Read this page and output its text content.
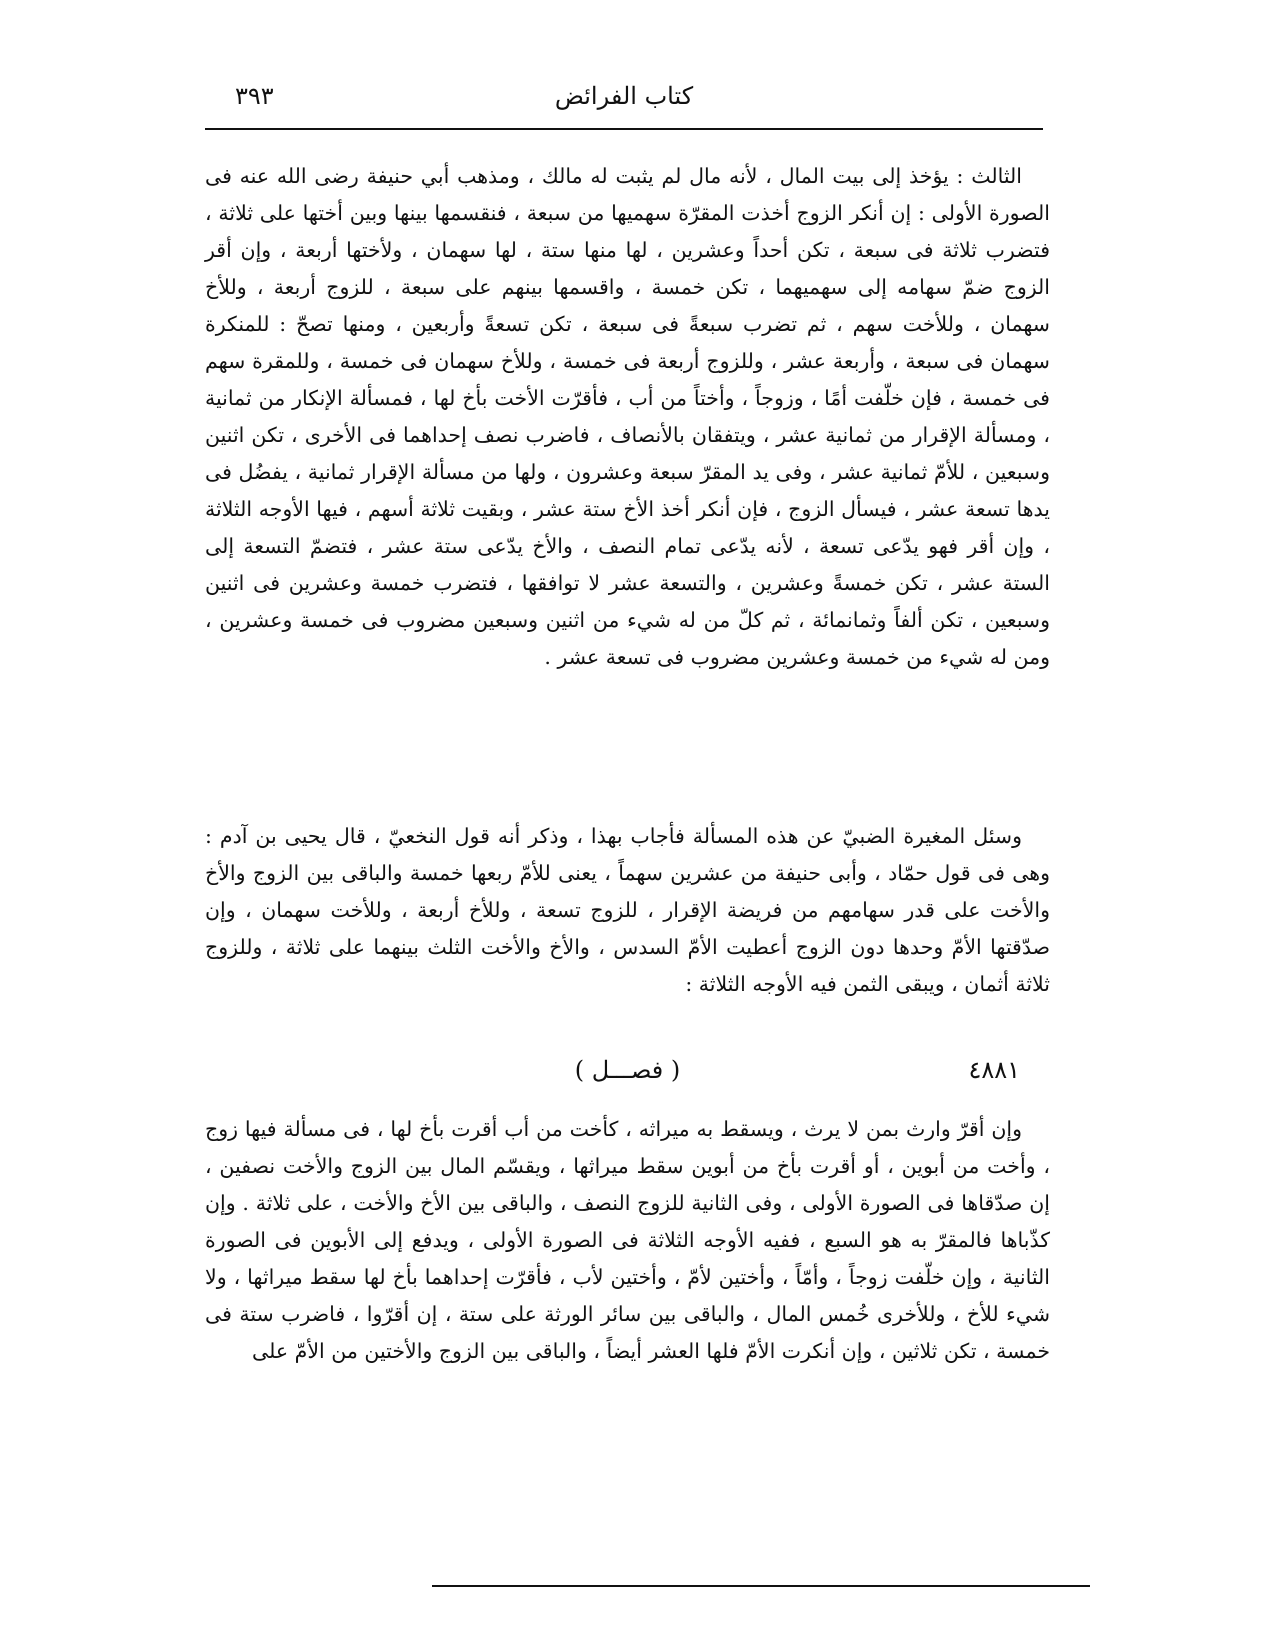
كتاب الفرائض
٣٩٣

الثالث : يؤخذ إلى بيت المال ، لأنه مال لم يثبت له مالك ، ومذهب أبي حنيفة رضى الله عنه فى الصورة الأولى : إن أنكر الزوج أخذت المقرّة سهميها من سبعة ، فنقسمها بينها وبين أختها على ثلاثة ، فتضرب ثلاثة فى سبعة ، تكن أحداً وعشرين ، لها منها ستة ، لها سهمان ، ولأختها أربعة ، وإن أقر الزوج ضمّ سهامه إلى سهميهما ، تكن خمسة ، واقسمها بينهم على سبعة ، للزوج أربعة ، وللأخ سهمان ، وللأخت سهم ، ثم تضرب سبعةً فى سبعة ، تكن تسعةً وأربعين ، ومنها تصحّ : للمنكرة سهمان فى سبعة ، وأربعة عشر ، وللزوج أربعة فى خمسة ، وللأخ سهمان فى خمسة ، وللمقرة سهم فى خمسة ، فإن خلّفت أمًا ، وزوجاً ، وأختاً من أب ، فأقرّت الأخت بأخ لها ، فمسألة الإنكار من ثمانية ، ومسألة الإقرار من ثمانية عشر ، ويتفقان بالأنصاف ، فاضرب نصف إحداهما فى الأخرى ، تكن اثنين وسبعين ، للأمّ ثمانية عشر ، وفى يد المقرّ سبعة وعشرون ، ولها من مسألة الإقرار ثمانية ، يفضُل فى يدها تسعة عشر ، فيسأل الزوج ، فإن أنكر أخذ الأخ ستة عشر ، وبقيت ثلاثة أسهم ، فيها الأوجه الثلاثة ، وإن أقر فهو يدّعى تسعة ، لأنه يدّعى تمام النصف ، والأخ يدّعى ستة عشر ، فتضمّ التسعة إلى الستة عشر ، تكن خمسةً وعشرين ، والتسعة عشر لا توافقها ، فتضرب خمسة وعشرين فى اثنين وسبعين ، تكن ألفاً وثمانمائة ، ثم كلّ من له شيء من اثنين وسبعين مضروب فى خمسة وعشرين ، ومن له شيء من خمسة وعشرين مضروب فى تسعة عشر .

وسئل المغيرة الضبيّ عن هذه المسألة فأجاب بهذا ، وذكر أنه قول النخعيّ ، قال يحيى بن آدم : وهى فى قول حمّاد ، وأبى حنيفة من عشرين سهماً ، يعنى للأمّ ربعها خمسة والباقى بين الزوج والأخ والأخت على قدر سهامهم من فريضة الإقرار ، للزوج تسعة ، وللأخ أربعة ، وللأخت سهمان ، وإن صدّقتها الأمّ وحدها دون الزوج أعطيت الأمّ السدس ، والأخ والأخت الثلث بينهما على ثلاثة ، وللزوج ثلاثة أثمان ، ويبقى الثمن فيه الأوجه الثلاثة :

٤٨٨١
( فصـــل )

وإن أقرّ وارث بمن لا يرث ، ويسقط به ميراثه ، كأخت من أب أقرت بأخ لها ، فى مسألة فيها زوج ، وأخت من أبوين ، أو أقرت بأخ من أبوين سقط ميراثها ، ويقسّم المال بين الزوج والأخت نصفين ، إن صدّقاها فى الصورة الأولى ، وفى الثانية للزوج النصف ، والباقى بين الأخ والأخت ، على ثلاثة . وإن كذّباها فالمقرّ به هو السبع ، ففيه الأوجه الثلاثة فى الصورة الأولى ، ويدفع إلى الأبوين فى الصورة الثانية ، وإن خلّفت زوجاً ، وأمّاً ، وأختين لأمّ ، وأختين لأب ، فأقرّت إحداهما بأخ لها سقط ميراثها ، ولا شيء للأخ ، وللأخرى خُمس المال ، والباقى بين سائر الورثة على ستة ، إن أقرّوا ، فاضرب ستة فى خمسة ، تكن ثلاثين ، وإن أنكرت الأمّ فلها العشر أيضاً ، والباقى بين الزوج والأختين من الأمّ على
